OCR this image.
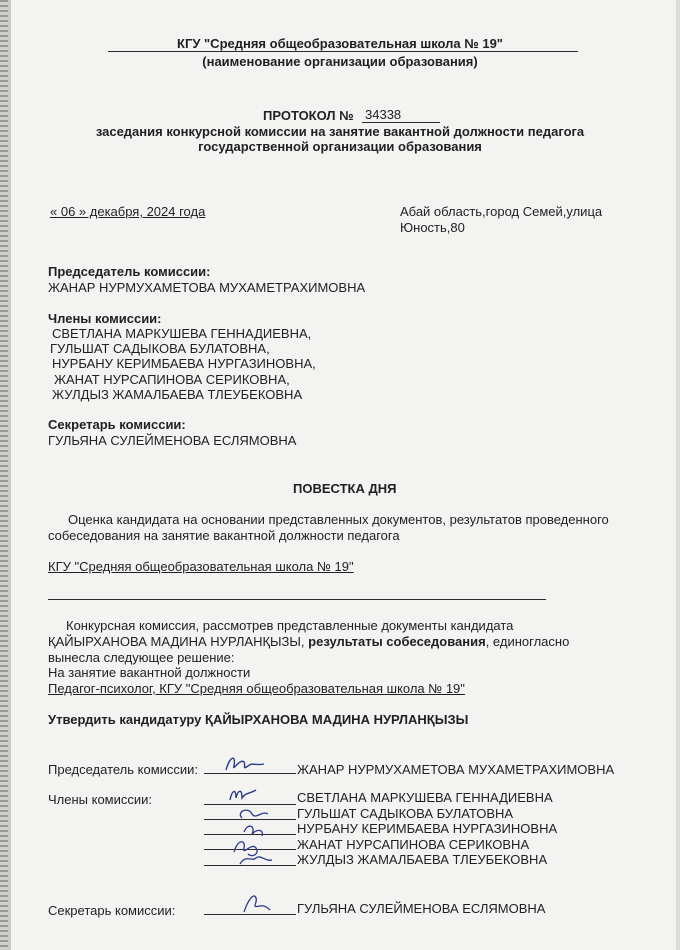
КГУ "Средняя общеобразовательная школа № 19"
(наименование организации образования)
ПРОТОКОЛ № 34338
заседания конкурсной комиссии на занятие вакантной должности педагога
государственной организации образования
« 06 » декабря, 2024 года	Абай область,город Семей,улица
Юность,80
Председатель комиссии:
ЖАНАР НУРМУХАМЕТОВА МУХАМЕТРАХИМОВНА
Члены комиссии:
СВЕТЛАНА МАРКУШЕВА ГЕННАДИЕВНА,
ГУЛЬШАТ САДЫКОВА БУЛАТОВНА,
НУРБАНУ КЕРИМБАЕВА НУРГАЗИНОВНА,
ЖАНАТ НУРСАПИНОВА СЕРИКОВНА,
ЖУЛДЫЗ ЖАМАЛБАЕВА ТЛЕУБЕКОВНА
Секретарь комиссии:
ГУЛЬЯНА СУЛЕЙМЕНОВА ЕСЛЯМОВНА
ПОВЕСТКА ДНЯ
Оценка кандидата на основании представленных документов, результатов проведенного
собеседования на занятие вакантной должности педагога
КГУ "Средняя общеобразовательная школа № 19"
Конкурсная комиссия, рассмотрев представленные документы кандидата
ҚАЙЫРХАНОВА МАДИНА НУРЛАНҚЫЗЫ, результаты собеседования, единогласно
вынесла следующее решение:
На занятие вакантной должности
Педагог-психолог, КГУ "Средняя общеобразовательная школа № 19"
Утвердить кандидатуру ҚАЙЫРХАНОВА МАДИНА НУРЛАНҚЫЗЫ
Председатель комиссии:	ЖАНАР НУРМУХАМЕТОВА МУХАМЕТРАХИМОВНА
Члены комиссии:	СВЕТЛАНА МАРКУШЕВА ГЕННАДИЕВНА
ГУЛЬШАТ САДЫКОВА БУЛАТОВНА
НУРБАНУ КЕРИМБАЕВА НУРГАЗИНОВНА
ЖАНАТ НУРСАПИНОВА СЕРИКОВНА
ЖУЛДЫЗ ЖАМАЛБАЕВА ТЛЕУБЕКОВНА
Секретарь комиссии:	ГУЛЬЯНА СУЛЕЙМЕНОВА ЕСЛЯМОВНА
